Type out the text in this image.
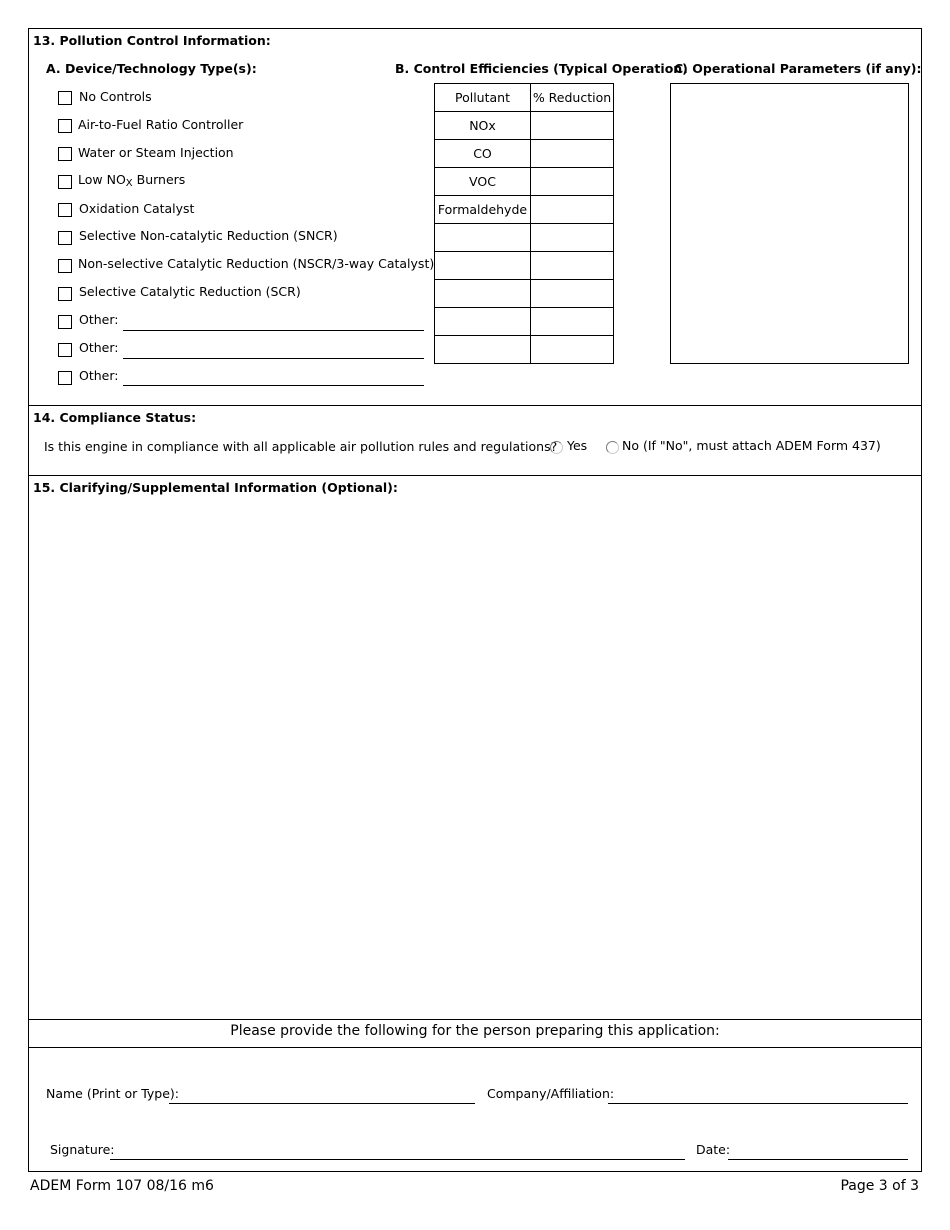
13. Pollution Control Information:
A. Device/Technology Type(s):	B. Control Efficiencies (Typical Operation)
C. Operational Parameters (if any):
No Controls
Air-to-Fuel Ratio Controller
Water or Steam Injection
Low NOX Burners
Oxidation Catalyst
Selective Non-catalytic Reduction (SNCR)
Non-selective Catalytic Reduction (NSCR/3-way Catalyst)
Selective Catalytic Reduction (SCR)
Other:
Other:
Other:
Pollutant	% Reduction
NOx	
CO	
VOC	
Formaldehyde	

14. Compliance Status:
Is this engine in compliance with all applicable air pollution rules and regulations? Yes	No (If "No", must attach ADEM Form 437)
15. Clarifying/Supplemental Information (Optional):
Please provide the following for the person preparing this application:
Name (Print or Type):	Company/Affiliation:
Signature:	Date:
ADEM Form 107 08/16 m6	Page 3 of 3
